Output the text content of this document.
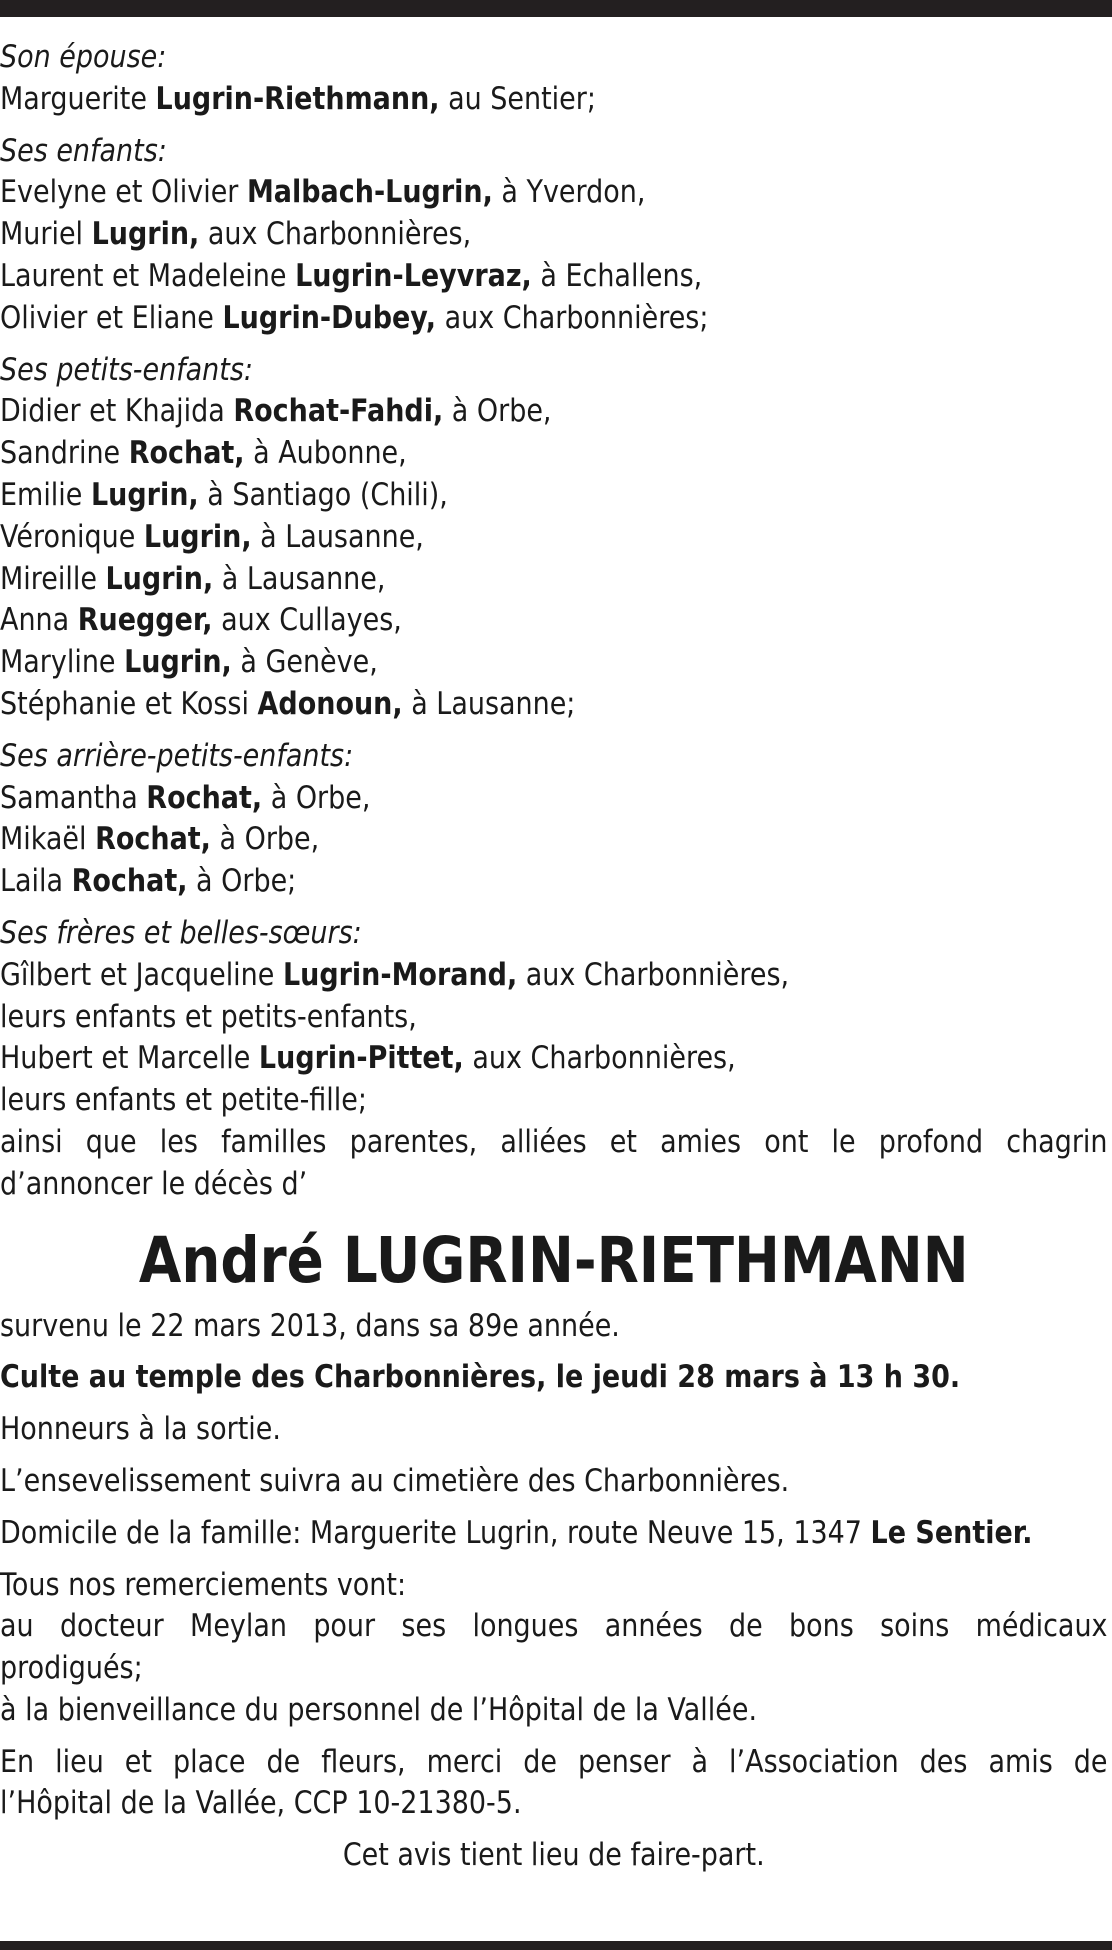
Son épouse:
Marguerite Lugrin-Riethmann, au Sentier;
Ses enfants:
Evelyne et Olivier Malbach-Lugrin, à Yverdon,
Muriel Lugrin, aux Charbonnières,
Laurent et Madeleine Lugrin-Leyvraz, à Echallens,
Olivier et Eliane Lugrin-Dubey, aux Charbonnières;
Ses petits-enfants:
Didier et Khajida Rochat-Fahdi, à Orbe,
Sandrine Rochat, à Aubonne,
Emilie Lugrin, à Santiago (Chili),
Véronique Lugrin, à Lausanne,
Mireille Lugrin, à Lausanne,
Anna Ruegger, aux Cullayes,
Maryline Lugrin, à Genève,
Stéphanie et Kossi Adonoun, à Lausanne;
Ses arrière-petits-enfants:
Samantha Rochat, à Orbe,
Mikaël Rochat, à Orbe,
Laila Rochat, à Orbe;
Ses frères et belles-sœurs:
Gîlbert et Jacqueline Lugrin-Morand, aux Charbonnières,
leurs enfants et petits-enfants,
Hubert et Marcelle Lugrin-Pittet, aux Charbonnières,
leurs enfants et petite-fille;
ainsi que les familles parentes, alliées et amies ont le profond chagrin
d’annoncer le décès d’
André LUGRIN-RIETHMANN
survenu le 22 mars 2013, dans sa 89e année.
Culte au temple des Charbonnières, le jeudi 28 mars à 13 h 30.
Honneurs à la sortie.
L’ensevelissement suivra au cimetière des Charbonnières.
Domicile de la famille: Marguerite Lugrin, route Neuve 15, 1347 Le Sentier.
Tous nos remerciements vont:
au docteur Meylan pour ses longues années de bons soins médicaux
prodigués;
à la bienveillance du personnel de l’Hôpital de la Vallée.
En lieu et place de fleurs, merci de penser à l’Association des amis de
l’Hôpital de la Vallée, CCP 10-21380-5.
Cet avis tient lieu de faire-part.
